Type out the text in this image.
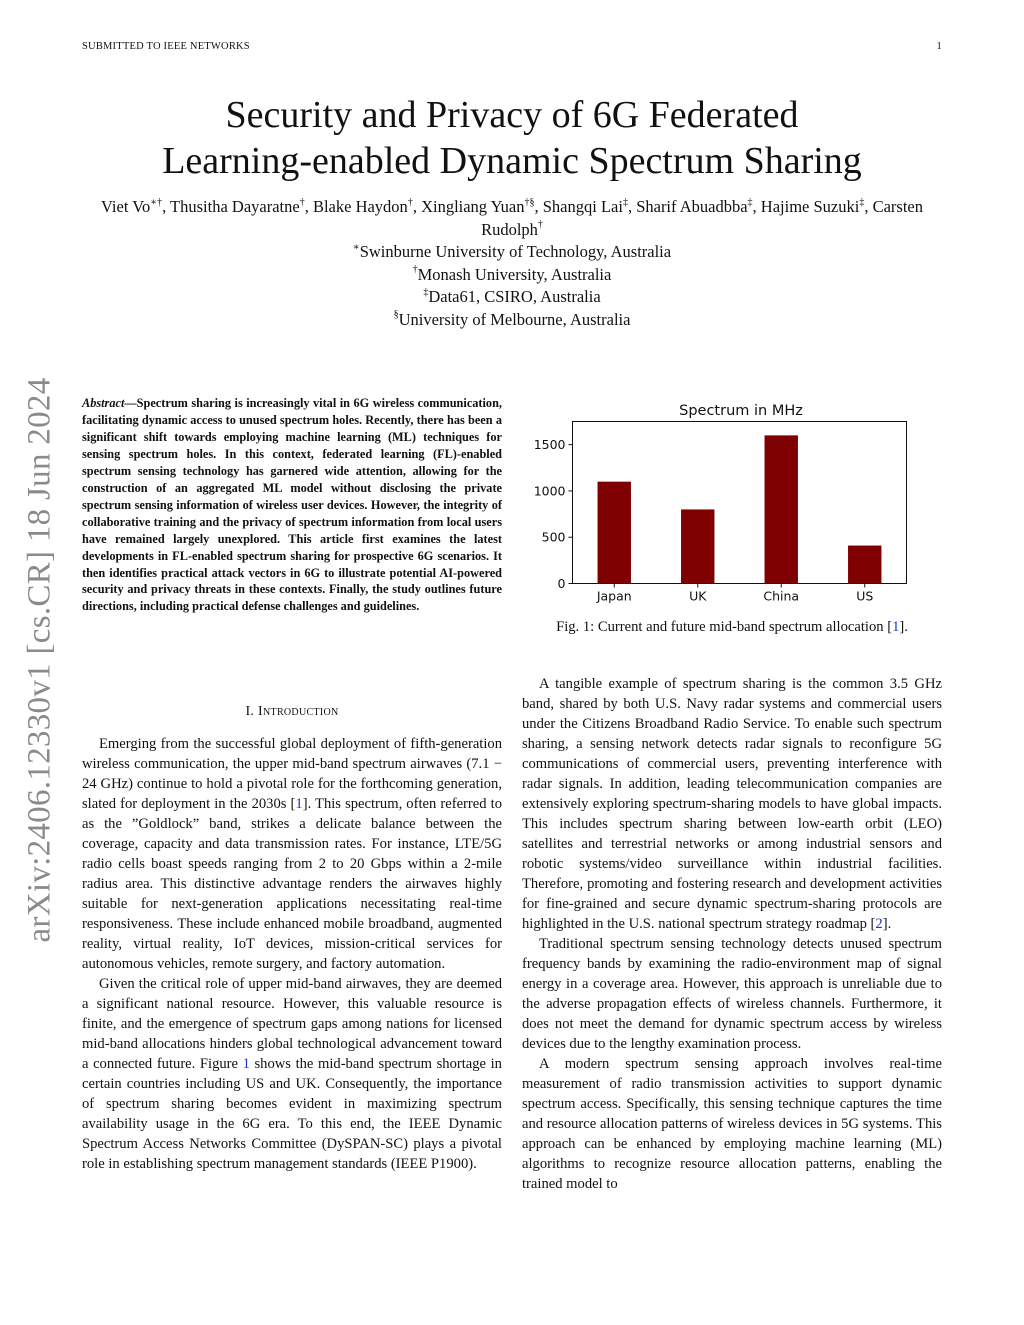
SUBMITTED TO IEEE NETWORKS	1
Security and Privacy of 6G Federated
Learning-enabled Dynamic Spectrum Sharing
Viet Vo∗†, Thusitha Dayaratne†, Blake Haydon†, Xingliang Yuan†§, Shangqi Lai‡, Sharif Abuadbba‡, Hajime Suzuki‡, Carsten Rudolph†
∗Swinburne University of Technology, Australia
†Monash University, Australia
‡Data61, CSIRO, Australia
§University of Melbourne, Australia
arXiv:2406.12330v1 [cs.CR] 18 Jun 2024 Abstract—Spectrum sharing is increasingly vital in 6G wireless communication, facilitating dynamic access to unused spectrum holes. Recently, there has been a significant shift towards employing machine learning (ML) techniques for sensing spectrum holes. In this context, federated learning (FL)-enabled spectrum sensing technology has garnered wide attention, allowing for the construction of an aggregated ML model without disclosing the private spectrum sensing information of wireless user devices. However, the integrity of collaborative training and the privacy of spectrum information from local users have remained largely unexplored. This article first examines the latest developments in FL-enabled spectrum sharing for prospective 6G scenarios. It then identifies practical attack vectors in 6G to illustrate potential AI-powered security and privacy threats in these contexts. Finally, the study outlines future directions, including practical defense challenges and guidelines.
I. Introduction

Emerging from the successful global deployment of fifth-generation wireless communication, the upper mid-band spectrum airwaves (7.1 − 24 GHz) continue to hold a pivotal role for the forthcoming generation, slated for deployment in the 2030s [1]. This spectrum, often referred to as the ”Goldlock” band, strikes a delicate balance between the coverage, capacity and data transmission rates. For instance, LTE/5G radio cells boast speeds ranging from 2 to 20 Gbps within a 2-mile radius area. This distinctive advantage renders the airwaves highly suitable for next-generation applications necessitating real-time responsiveness. These include enhanced mobile broadband, augmented reality, virtual reality, IoT devices, mission-critical services for autonomous vehicles, remote surgery, and factory automation.

Given the critical role of upper mid-band airwaves, they are deemed a significant national resource. However, this valuable resource is finite, and the emergence of spectrum gaps among nations for licensed mid-band allocations hinders global technological advancement toward a connected future. Figure 1 shows the mid-band spectrum shortage in certain countries including US and UK. Consequently, the importance of spectrum sharing becomes evident in maximizing spectrum availability usage in the 6G era. To this end, the IEEE Dynamic Spectrum Access Networks Committee (DySPAN-SC) plays a pivotal role in establishing spectrum management standards (IEEE P1900).

Spectrum in MHz
0
500
1000
1500
Japan	UK	China	US
Fig. 1: Current and future mid-band spectrum allocation [1].

A tangible example of spectrum sharing is the common 3.5 GHz band, shared by both U.S. Navy radar systems and commercial users under the Citizens Broadband Radio Service. To enable such spectrum sharing, a sensing network detects radar signals to reconfigure 5G communications of commercial users, preventing interference with radar signals. In addition, leading telecommunication companies are extensively exploring spectrum-sharing models to have global impacts. This includes spectrum sharing between low-earth orbit (LEO) satellites and terrestrial networks or among industrial sensors and robotic systems/video surveillance within industrial facilities. Therefore, promoting and fostering research and development activities for fine-grained and secure dynamic spectrum-sharing protocols are highlighted in the U.S. national spectrum strategy roadmap [2].

Traditional spectrum sensing technology detects unused spectrum frequency bands by examining the radio-environment map of signal energy in a coverage area. However, this approach is unreliable due to the adverse propagation effects of wireless channels. Furthermore, it does not meet the demand for dynamic spectrum access by wireless devices due to the lengthy examination process.

A modern spectrum sensing approach involves real-time measurement of radio transmission activities to support dynamic spectrum access. Specifically, this sensing technique captures the time and resource allocation patterns of wireless devices in 5G systems. This approach can be enhanced by employing machine learning (ML) algorithms to recognize resource allocation patterns, enabling the trained model to
